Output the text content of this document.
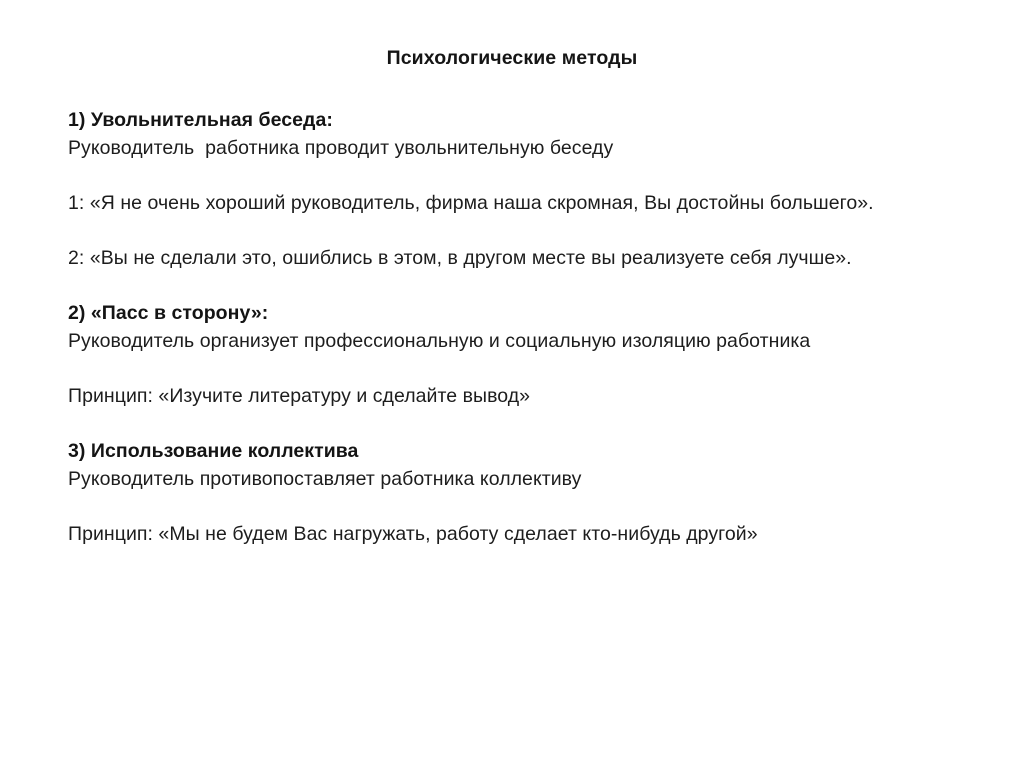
Психологические методы
1) Увольнительная беседа:
Руководитель  работника проводит увольнительную беседу
1: «Я не очень хороший руководитель, фирма наша скромная, Вы достойны большего».
2: «Вы не сделали это, ошиблись в этом, в другом месте вы реализуете себя лучше».
2) «Пасс в сторону»:
Руководитель организует профессиональную и социальную изоляцию работника
Принцип: «Изучите литературу и сделайте вывод»
3) Использование коллектива
Руководитель противопоставляет работника коллективу
Принцип: «Мы не будем Вас нагружать, работу сделает кто-нибудь другой»
